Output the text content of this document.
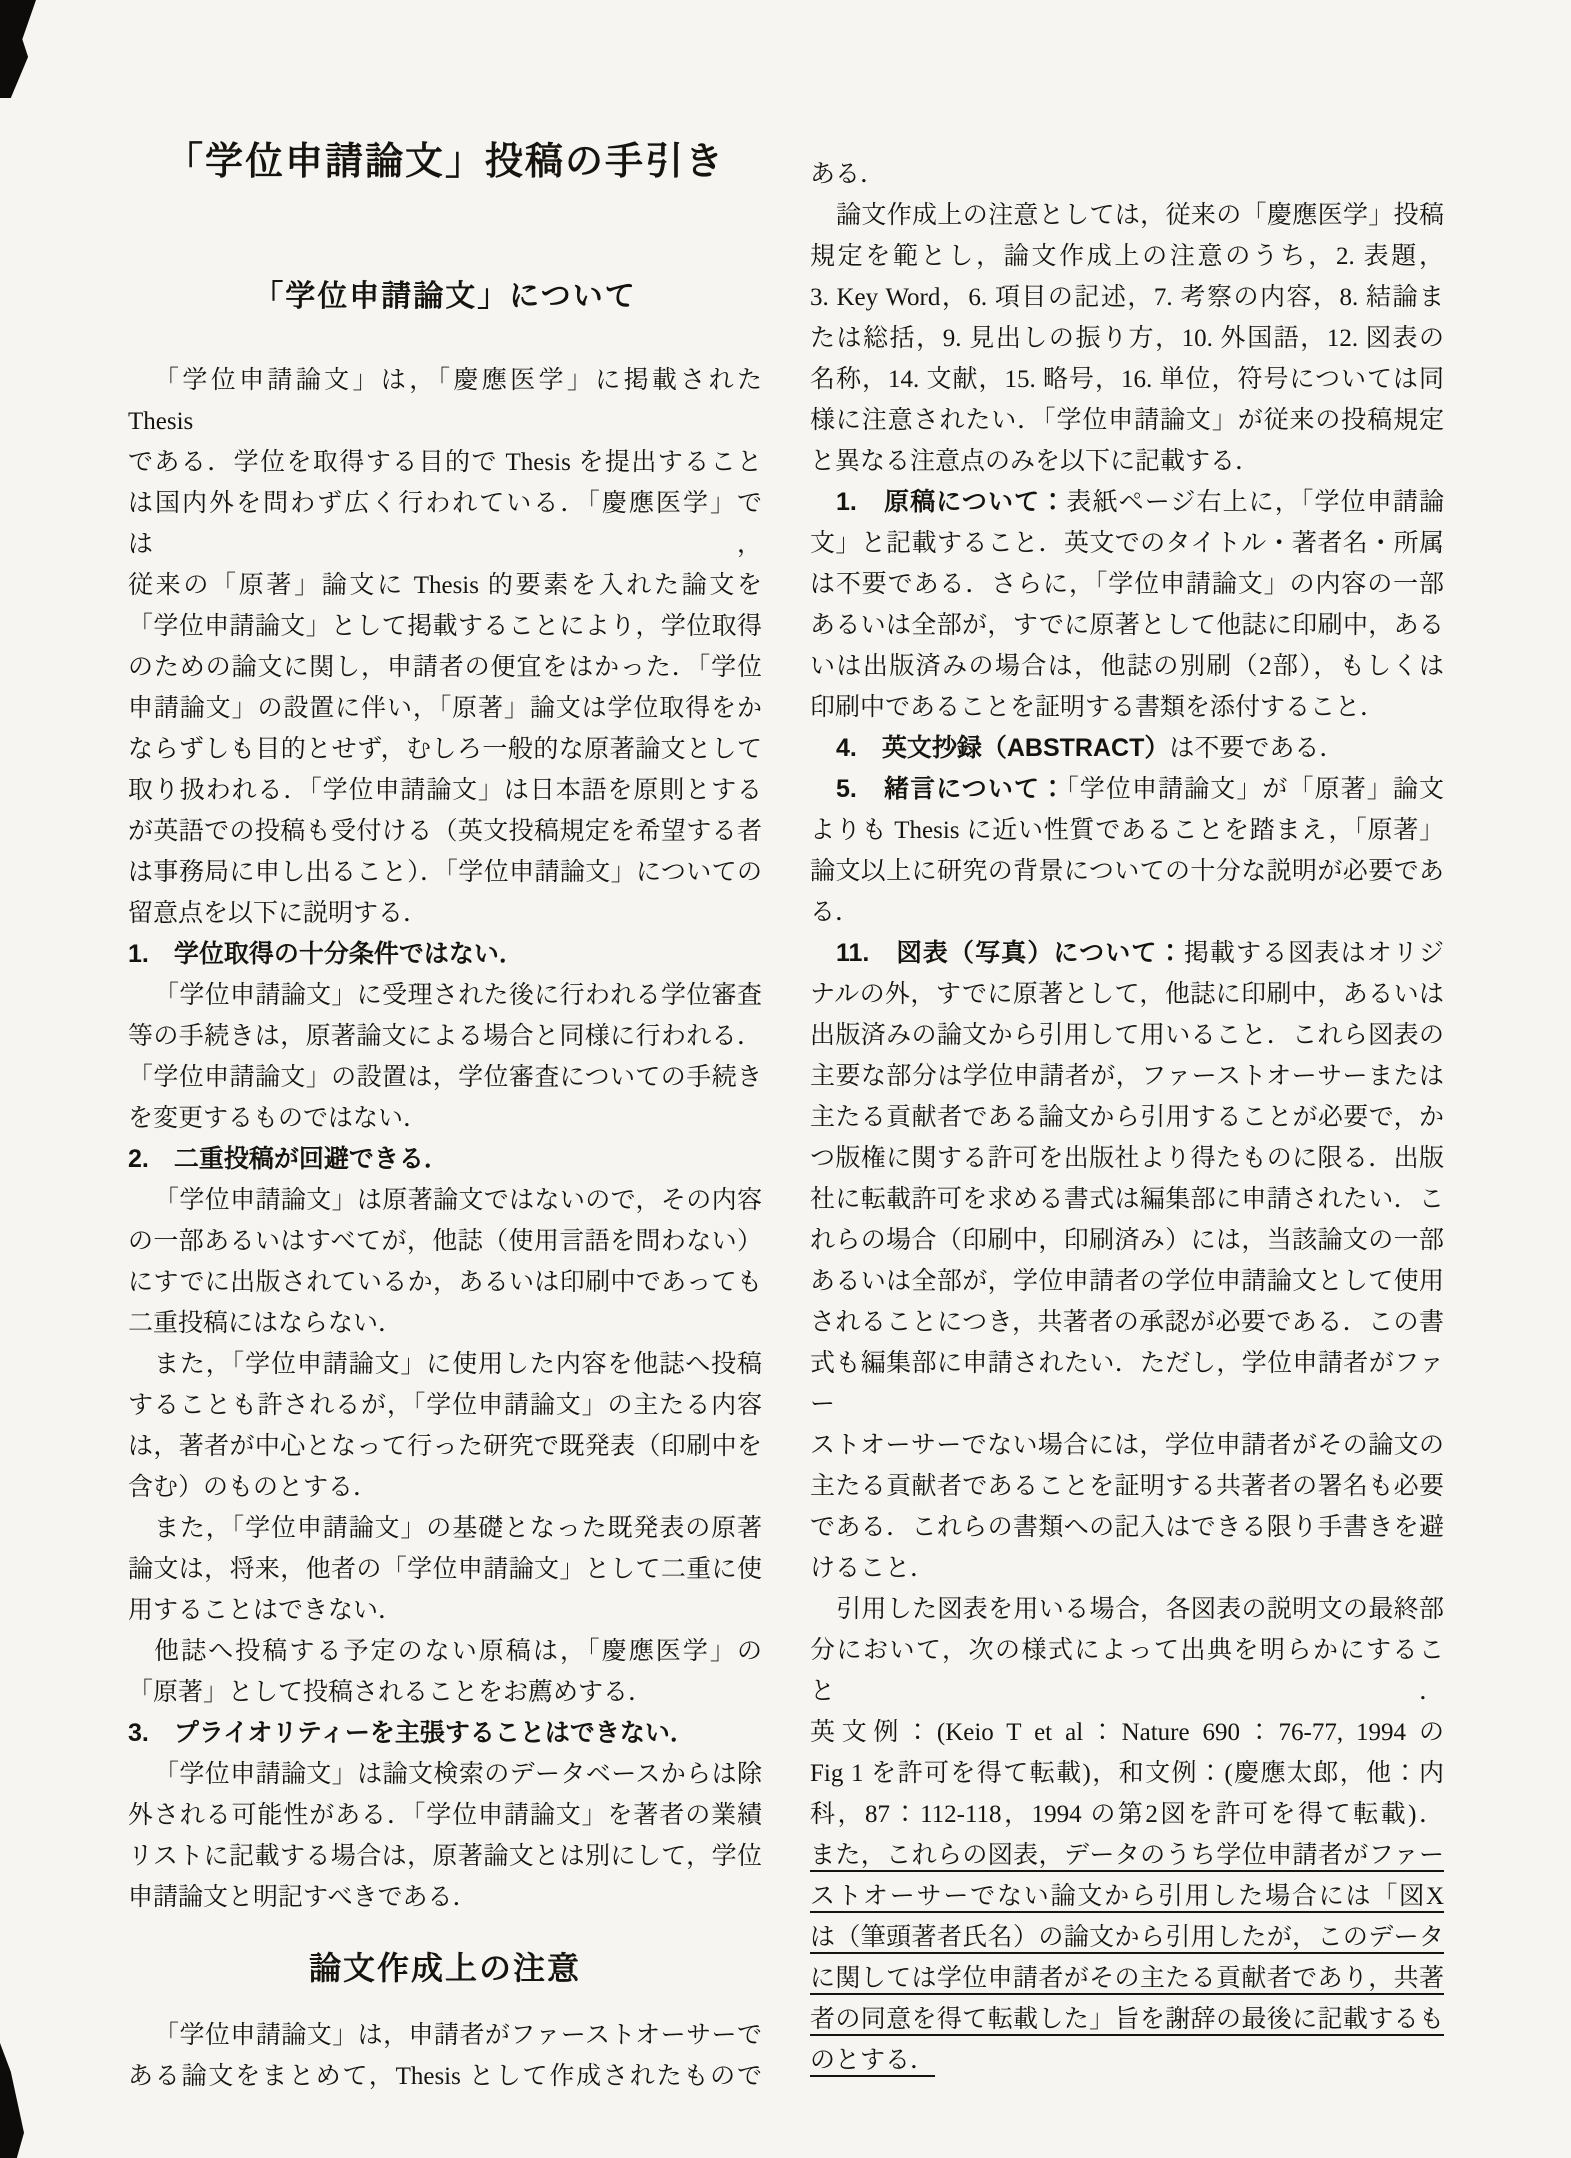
「学位申請論文」投稿の手引き
「学位申請論文」について
「学位申請論文」は，「慶應医学」に掲載された Thesis
である．学位を取得する目的で Thesis を提出すること
は国内外を問わず広く行われている．「慶應医学」では，
従来の「原著」論文に Thesis 的要素を入れた論文を
「学位申請論文」として掲載することにより，学位取得
のための論文に関し，申請者の便宜をはかった．「学位
申請論文」の設置に伴い，「原著」論文は学位取得をか
ならずしも目的とせず，むしろ一般的な原著論文として
取り扱われる．「学位申請論文」は日本語を原則とする
が英語での投稿も受付ける（英文投稿規定を希望する者
は事務局に申し出ること）．「学位申請論文」についての
留意点を以下に説明する．
1.　学位取得の十分条件ではない．
「学位申請論文」に受理された後に行われる学位審査
等の手続きは，原著論文による場合と同様に行われる．
「学位申請論文」の設置は，学位審査についての手続き
を変更するものではない．
2.　二重投稿が回避できる．
「学位申請論文」は原著論文ではないので，その内容
の一部あるいはすべてが，他誌（使用言語を問わない）
にすでに出版されているか，あるいは印刷中であっても
二重投稿にはならない．
また，「学位申請論文」に使用した内容を他誌へ投稿
することも許されるが，「学位申請論文」の主たる内容
は，著者が中心となって行った研究で既発表（印刷中を
含む）のものとする．
また，「学位申請論文」の基礎となった既発表の原著
論文は，将来，他者の「学位申請論文」として二重に使
用することはできない．
他誌へ投稿する予定のない原稿は，「慶應医学」の
「原著」として投稿されることをお薦めする．
3.　プライオリティーを主張することはできない．
「学位申請論文」は論文検索のデータベースからは除
外される可能性がある．「学位申請論文」を著者の業績
リストに記載する場合は，原著論文とは別にして，学位
申請論文と明記すべきである．
論文作成上の注意
「学位申請論文」は，申請者がファーストオーサーで
ある論文をまとめて，Thesis として作成されたもので
ある．
論文作成上の注意としては，従来の「慶應医学」投稿
規定を範とし，論文作成上の注意のうち，2. 表題，
3. Key Word，6. 項目の記述，7. 考察の内容，8. 結論ま
たは総括，9. 見出しの振り方，10. 外国語，12. 図表の
名称，14. 文献，15. 略号，16. 単位，符号については同
様に注意されたい．「学位申請論文」が従来の投稿規定
と異なる注意点のみを以下に記載する．
1.　原稿について：表紙ページ右上に，「学位申請論
文」と記載すること．英文でのタイトル・著者名・所属
は不要である．さらに，「学位申請論文」の内容の一部
あるいは全部が，すでに原著として他誌に印刷中，ある
いは出版済みの場合は，他誌の別刷（2部），もしくは
印刷中であることを証明する書類を添付すること．
4.　英文抄録（ABSTRACT）は不要である．
5.　緒言について：「学位申請論文」が「原著」論文
よりも Thesis に近い性質であることを踏まえ，「原著」
論文以上に研究の背景についての十分な説明が必要であ
る．
11.　図表（写真）について：掲載する図表はオリジ
ナルの外，すでに原著として，他誌に印刷中，あるいは
出版済みの論文から引用して用いること．これら図表の
主要な部分は学位申請者が，ファーストオーサーまたは
主たる貢献者である論文から引用することが必要で，か
つ版権に関する許可を出版社より得たものに限る．出版
社に転載許可を求める書式は編集部に申請されたい．こ
れらの場合（印刷中，印刷済み）には，当該論文の一部
あるいは全部が，学位申請者の学位申請論文として使用
されることにつき，共著者の承認が必要である．この書
式も編集部に申請されたい．ただし，学位申請者がファー
ストオーサーでない場合には，学位申請者がその論文の
主たる貢献者であることを証明する共著者の署名も必要
である．これらの書類への記入はできる限り手書きを避
けること．
引用した図表を用いる場合，各図表の説明文の最終部
分において，次の様式によって出典を明らかにすること．
英文例：(Keio T et al：Nature 690：76-77, 1994 の
Fig 1 を許可を得て転載)，和文例：(慶應太郎，他：内
科，87：112-118，1994 の第2図を許可を得て転載)．
また，これらの図表，データのうち学位申請者がファー
ストオーサーでない論文から引用した場合には「図X
は（筆頭著者氏名）の論文から引用したが，このデータ
に関しては学位申請者がその主たる貢献者であり，共著
者の同意を得て転載した」旨を謝辞の最後に記載するも
のとする．
